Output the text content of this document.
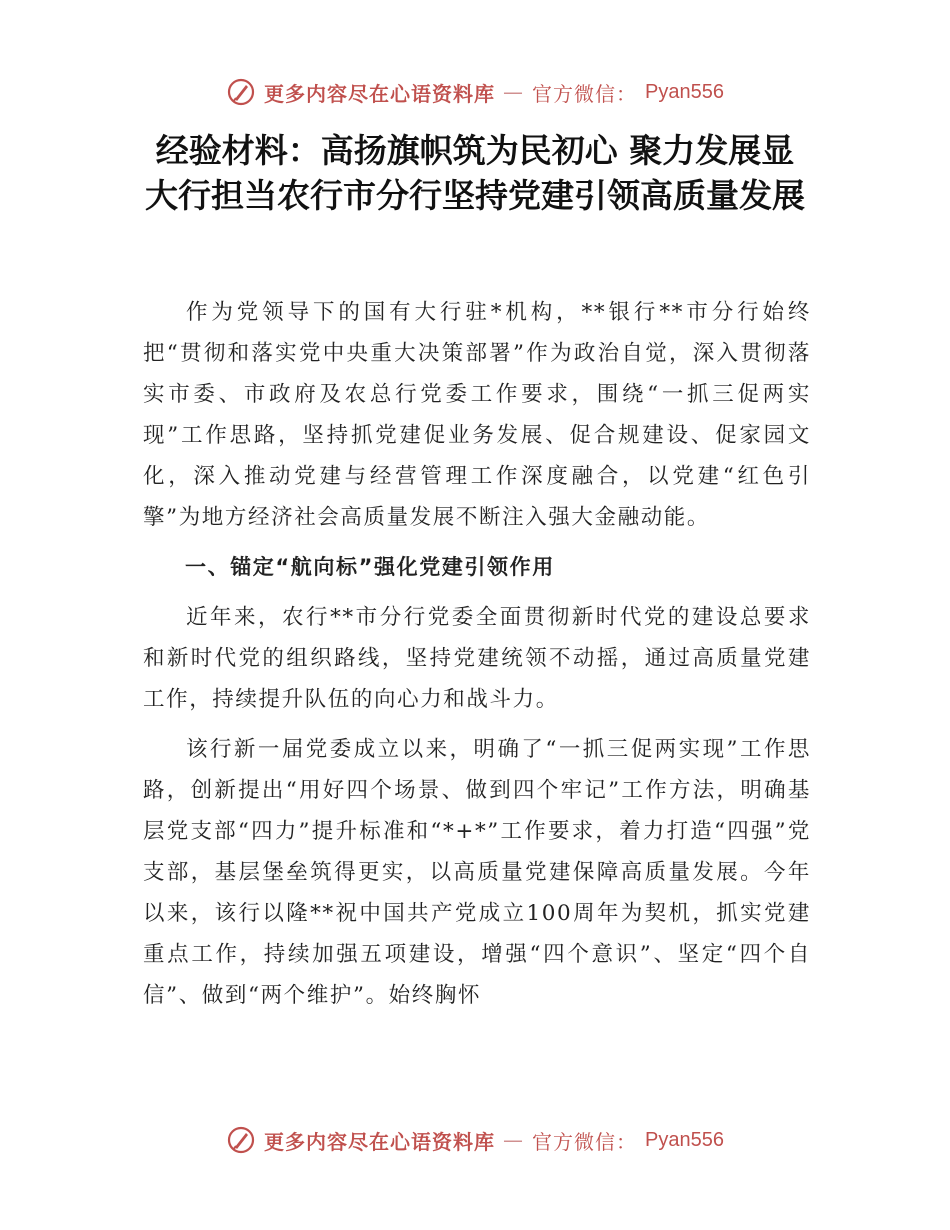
更多内容尽在心语资料库 — 官方微信： Pyan556
经验材料：高扬旗帜筑为民初心 聚力发展显大行担当农行市分行坚持党建引领高质量发展

作为党领导下的国有大行驻*机构，**银行**市分行始终把“贯彻和落实党中央重大决策部署”作为政治自觉，深入贯彻落实市委、市政府及农总行党委工作要求，围绕“一抓三促两实现”工作思路，坚持抓党建促业务发展、促合规建设、促家园文化，深入推动党建与经营管理工作深度融合，以党建“红色引擎”为地方经济社会高质量发展不断注入强大金融动能。

一、锚定“航向标”强化党建引领作用

近年来，农行**市分行党委全面贯彻新时代党的建设总要求和新时代党的组织路线，坚持党建统领不动摇，通过高质量党建工作，持续提升队伍的向心力和战斗力。

该行新一届党委成立以来，明确了“一抓三促两实现”工作思路，创新提出“用好四个场景、做到四个牢记”工作方法，明确基层党支部“四力”提升标准和“*+*”工作要求，着力打造“四强”党支部，基层堡垒筑得更实，以高质量党建保障高质量发展。今年以来，该行以隆**祝中国共产党成立100周年为契机，抓实党建重点工作，持续加强五项建设，增强“四个意识”、坚定“四个自信”、做到“两个维护”。始终胸怀

更多内容尽在心语资料库 — 官方微信： Pyan556
